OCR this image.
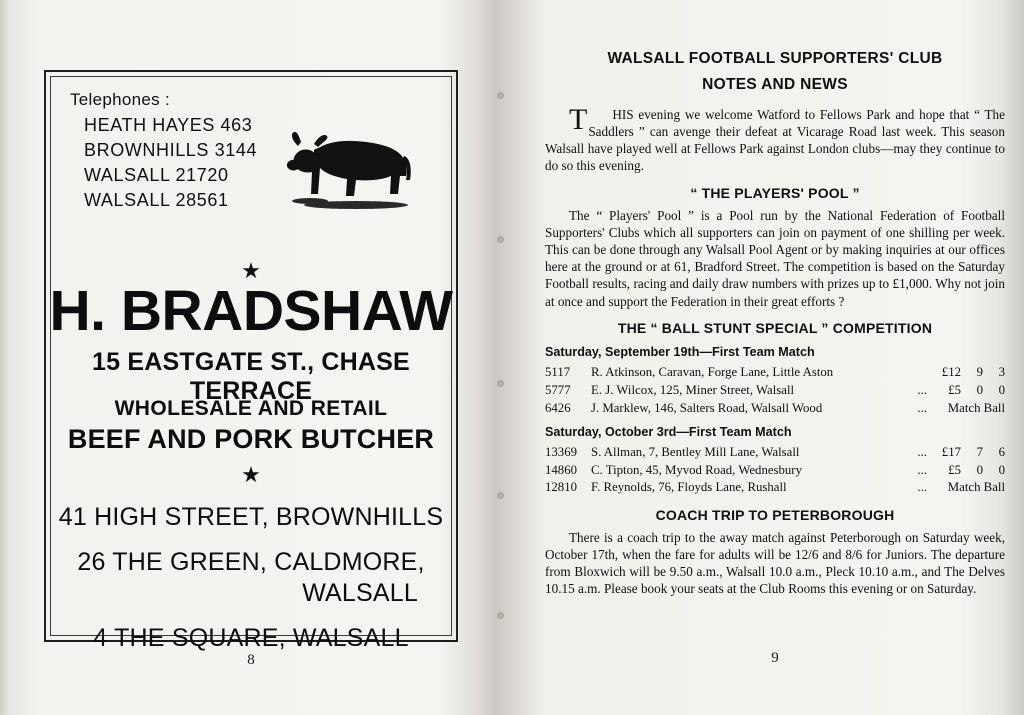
Telephones :
HEATH HAYES 463
BROWNHILLS 3144
WALSALL 21720
WALSALL 28561
★
H. BRADSHAW
15 EASTGATE ST., CHASE TERRACE
WHOLESALE AND RETAIL
BEEF AND PORK BUTCHER
★
41 HIGH STREET, BROWNHILLS
26 THE GREEN, CALDMORE,
WALSALL
4 THE SQUARE, WALSALL
8
WALSALL FOOTBALL SUPPORTERS' CLUB
NOTES AND NEWS

T HIS evening we welcome Watford to Fellows Park and hope that “ The Saddlers ” can avenge their defeat at Vicarage Road last week. This season Walsall have played well at Fellows Park against London clubs—may they continue to do so this evening.

“ THE PLAYERS' POOL ”

The “ Players' Pool ” is a Pool run by the National Federation of Football Supporters' Clubs which all supporters can join on payment of one shilling per week. This can be done through any Walsall Pool Agent or by making inquiries at our offices here at the ground or at 61, Bradford Street. The competition is based on the Saturday Football results, racing and daily draw numbers with prizes up to £1,000. Why not join at once and support the Federation in their great efforts ?

THE “ BALL STUNT SPECIAL ” COMPETITION
Saturday, September 19th—First Team Match
5117	R. Atkinson, Caravan, Forge Lane, Little Aston		£12	9	3
5777	E. J. Wilcox, 125, Miner Street, Walsall	...	£5	0	0
6426	J. Marklew, 146, Salters Road, Walsall Wood	...	Match Ball		
Saturday, October 3rd—First Team Match
13369	S. Allman, 7, Bentley Mill Lane, Walsall	...	£17	7	6
14860	C. Tipton, 45, Myvod Road, Wednesbury	...	£5	0	0
12810	F. Reynolds, 76, Floyds Lane, Rushall	...	Match Ball		
COACH TRIP TO PETERBOROUGH

There is a coach trip to the away match against Peterborough on Saturday week, October 17th, when the fare for adults will be 12/6 and 8/6 for Juniors. The departure from Bloxwich will be 9.50 a.m., Walsall 10.0 a.m., Pleck 10.10 a.m., and The Delves 10.15 a.m. Please book your seats at the Club Rooms this evening or on Saturday.

9
